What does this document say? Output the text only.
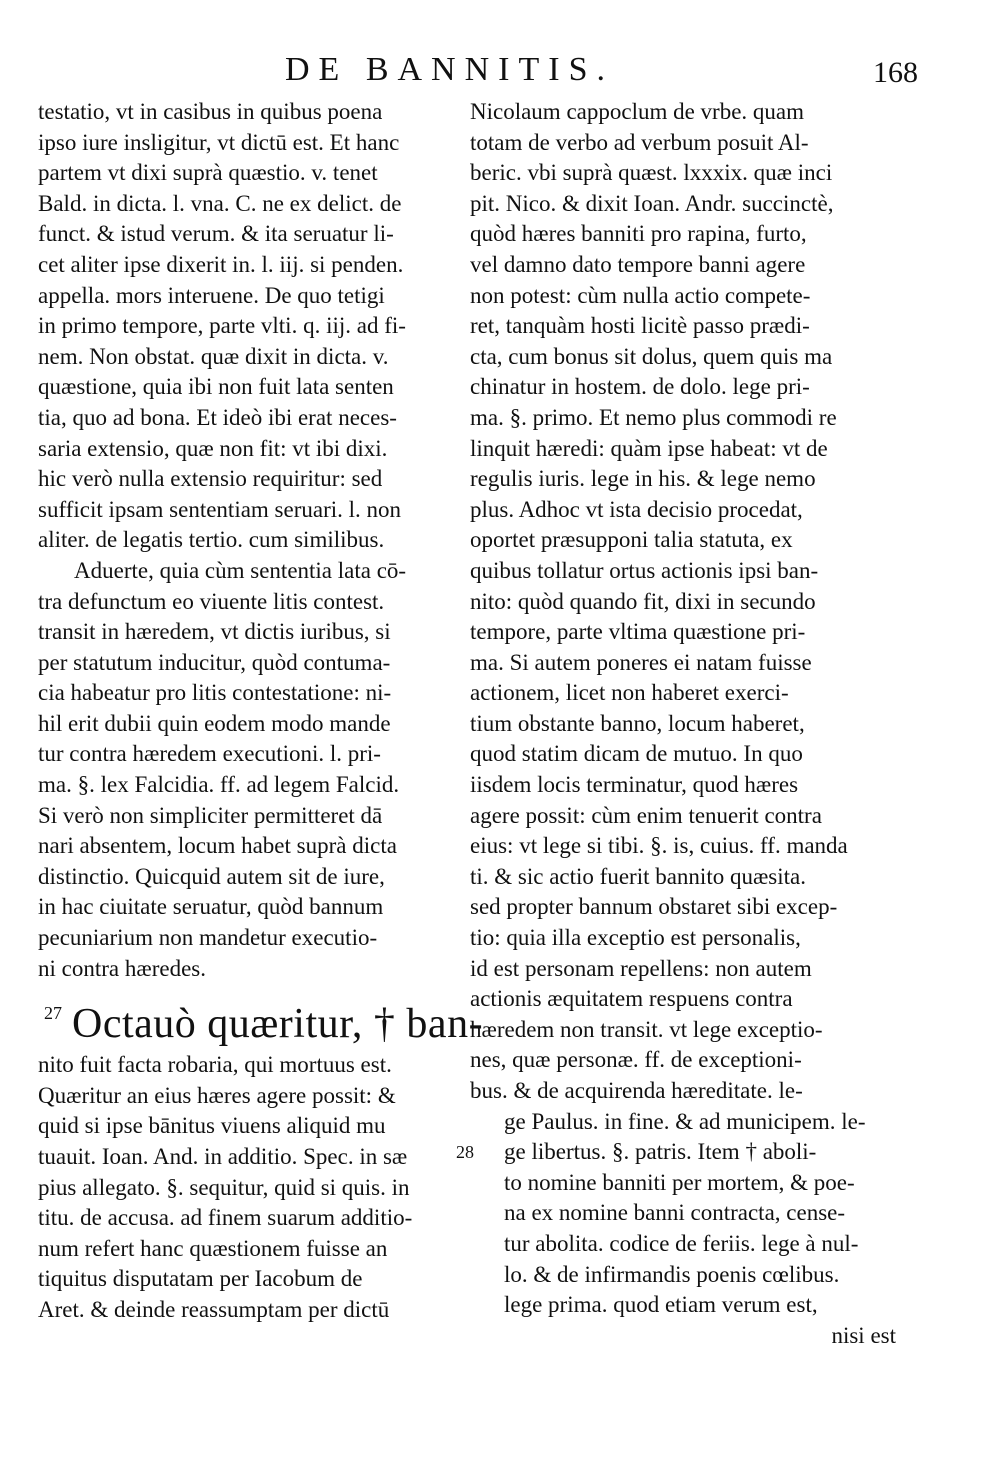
DE BANNITIS.	168
testatio, vt in casibus in quibus poena
ipso iure insligitur, vt dictū est. Et hanc
partem vt dixi suprà quæstio. v. tenet
Bald. in dicta. l. vna. C. ne ex delict. de
funct. & istud verum. & ita seruatur li-
cet aliter ipse dixerit in. l. iij. si penden.
appella. mors interuene. De quo tetigi
in primo tempore, parte vlti. q. iij. ad fi-
nem. Non obstat. quæ dixit in dicta. v.
quæstione, quia ibi non fuit lata senten
tia, quo ad bona. Et ideò ibi erat neces-
saria extensio, quæ non fit: vt ibi dixi.
hic verò nulla extensio requiritur: sed
sufficit ipsam sententiam seruari. l. non
aliter. de legatis tertio. cum similibus.
Aduerte, quia cùm sententia lata cō-
tra defunctum eo viuente litis contest.
transit in hæredem, vt dictis iuribus, si
per statutum inducitur, quòd contuma-
cia habeatur pro litis contestatione: ni-
hil erit dubii quin eodem modo mande
tur contra hæredem executioni. l. pri-
ma. §. lex Falcidia. ff. ad legem Falcid.
Si verò non simpliciter permitteret dā
nari absentem, locum habet suprà dicta
distinctio. Quicquid autem sit de iure,
in hac ciuitate seruatur, quòd bannum
pecuniarium non mandetur executio-
ni contra hæredes.
27 Octauò quæritur, † ban-
nito fuit facta robaria, qui mortuus est.
Quæritur an eius hæres agere possit: &
quid si ipse bānitus viuens aliquid mu
tuauit. Ioan. And. in additio. Spec. in sæ
pius allegato. §. sequitur, quid si quis. in
titu. de accusa. ad finem suarum additio-
num refert hanc quæstionem fuisse an
tiquitus disputatam per Iacobum de
Aret. & deinde reassumptam per dictū
Nicolaum cappoclum de vrbe. quam
totam de verbo ad verbum posuit Al-
beric. vbi suprà quæst. lxxxix. quæ inci
pit. Nico. & dixit Ioan. Andr. succinctè,
quòd hæres banniti pro rapina, furto,
vel damno dato tempore banni agere
non potest: cùm nulla actio compete-
ret, tanquàm hosti licitè passo prædi-
cta, cum bonus sit dolus, quem quis ma
chinatur in hostem. de dolo. lege pri-
ma. §. primo. Et nemo plus commodi re
linquit hæredi: quàm ipse habeat: vt de
regulis iuris. lege in his. & lege nemo
plus. Adhoc vt ista decisio procedat,
oportet præsupponi talia statuta, ex
quibus tollatur ortus actionis ipsi ban-
nito: quòd quando fit, dixi in secundo
tempore, parte vltima quæstione pri-
ma. Si autem poneres ei natam fuisse
actionem, licet non haberet exerci-
tium obstante banno, locum haberet,
quod statim dicam de mutuo. In quo
iisdem locis terminatur, quod hæres
agere possit: cùm enim tenuerit contra
eius: vt lege si tibi. §. is, cuius. ff. manda
ti. & sic actio fuerit bannito quæsita.
sed propter bannum obstaret sibi excep-
tio: quia illa exceptio est personalis,
id est personam repellens: non autem
actionis æquitatem respuens contra
hæredem non transit. vt lege exceptio-
nes, quæ personæ. ff. de exceptioni-
bus. & de acquirenda hæreditate. le-
ge Paulus. in fine. & ad municipem. le-
28 ge libertus. §. patris. Item † aboli-
to nomine banniti per mortem, & poe-
na ex nomine banni contracta, cense-
tur abolita. codice de feriis. lege à nul-
lo. & de infirmandis poenis cœlibus.
lege prima. quod etiam verum est,
nisi est
